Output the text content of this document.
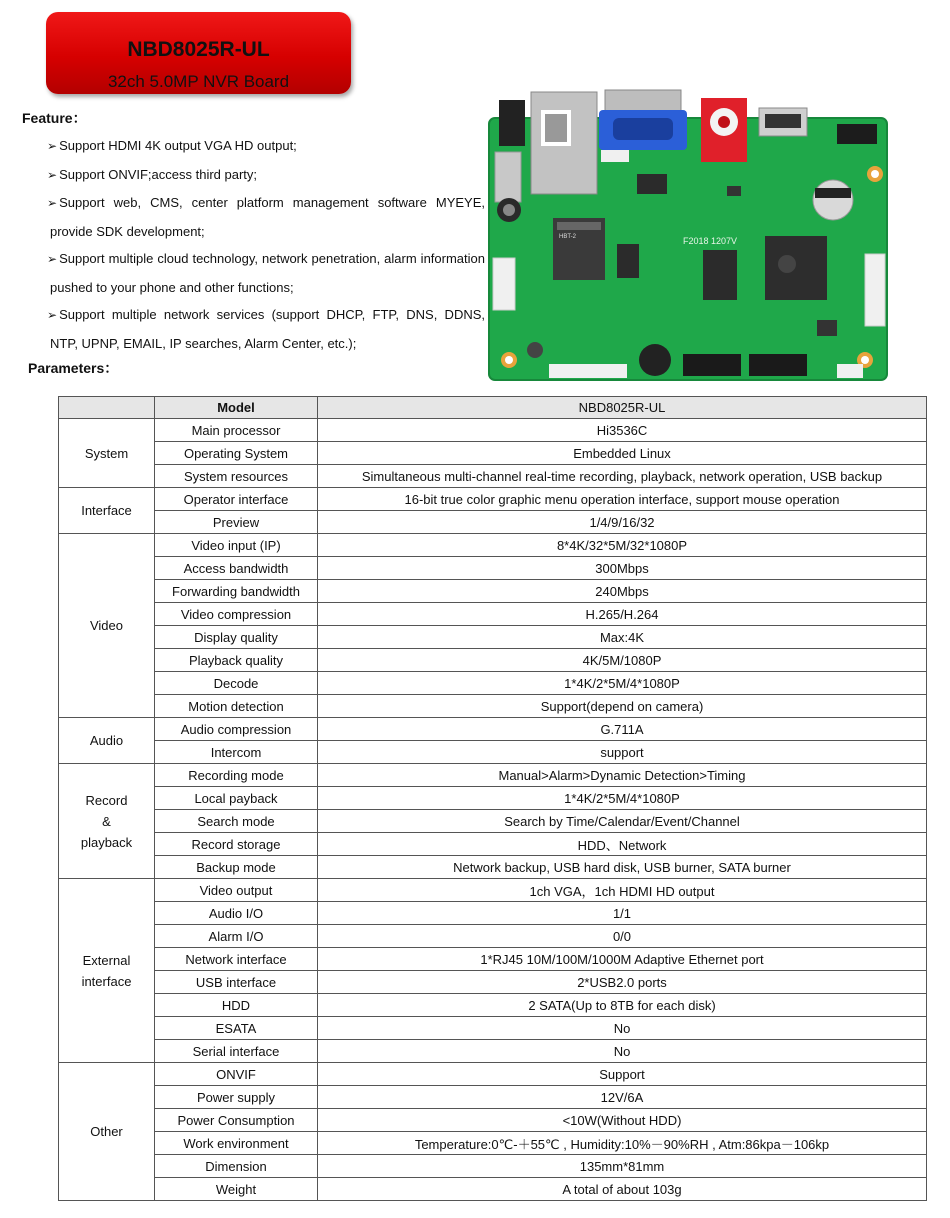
NBD8025R-UL
32ch 5.0MP NVR Board
Feature：
➢ Support HDMI 4K output VGA HD output;
➢ Support ONVIF;access third party;
➢ Support web, CMS, center platform management software MYEYE, provide SDK development;
➢ Support multiple cloud technology, network penetration, alarm information pushed to your phone and other functions;
➢ Support multiple network services (support DHCP, FTP, DNS, DDNS, NTP, UPNP, EMAIL, IP searches, Alarm Center, etc.);
F2018 1207V
HBT-2
Parameters：
	Model	NBD8025R-UL

System	Main processor	Hi3536C
	Operating System	Embedded Linux
	System resources	Simultaneous multi-channel real-time recording, playback, network operation, USB backup

Interface	Operator interface	16-bit true color graphic menu operation interface, support mouse operation
	Preview	1/4/9/16/32

Video	Video input (IP)	8*4K/32*5M/32*1080P
	Access bandwidth	300Mbps
	Forwarding bandwidth	240Mbps
	Video compression	H.265/H.264
	Display quality	Max:4K
	Playback quality	4K/5M/1080P
	Decode	1*4K/2*5M/4*1080P
	Motion detection	Support(depend on camera)

Audio	Audio compression	G.711A
	Intercom	support

Record
&
playback	Recording mode	Manual>Alarm>Dynamic Detection>Timing
	Local payback	1*4K/2*5M/4*1080P
	Search mode	Search by Time/Calendar/Event/Channel
	Record storage	HDD、Network
	Backup mode	Network backup, USB hard disk, USB burner, SATA burner

External
interface	Video output	1ch VGA，1ch HDMI HD output
	Audio I/O	1/1
	Alarm I/O	0/0
	Network interface	1*RJ45 10M/100M/1000M Adaptive Ethernet port
	USB interface	2*USB2.0 ports
	HDD	2 SATA(Up to 8TB for each disk)
	ESATA	No
	Serial interface	No

Other	ONVIF	Support
	Power supply	12V/6A
	Power Consumption	<10W(Without HDD)
	Work environment	Temperature:0℃-＋55℃ , Humidity:10%－90%RH , Atm:86kpa－106kp
	Dimension	135mm*81mm
	Weight	A total of about 103g
